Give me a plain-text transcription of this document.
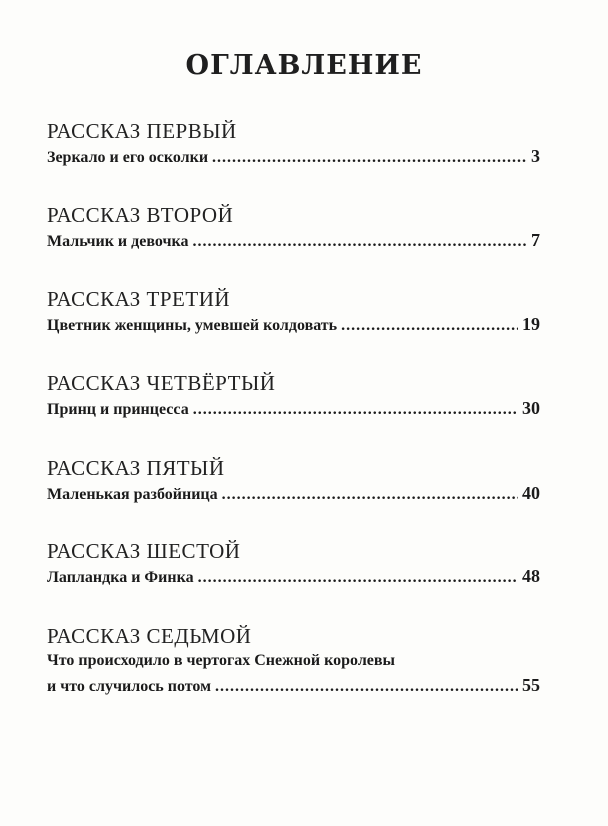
ОГЛАВЛЕНИЕ
РАССКАЗ ПЕРВЫЙ
Зеркало и его осколки .....	3
РАССКАЗ ВТОРОЙ
Мальчик и девочка .....	7
РАССКАЗ ТРЕТИЙ
Цветник женщины, умевшей колдовать .....	19
РАССКАЗ ЧЕТВЁРТЫЙ
Принц и принцесса .....	30
РАССКАЗ ПЯТЫЙ
Маленькая разбойница .....	40
РАССКАЗ ШЕСТОЙ
Лапландка и Финка .....	48
РАССКАЗ СЕДЬМОЙ
Что происходило в чертогах Снежной королевы
и что случилось потом .....	55
